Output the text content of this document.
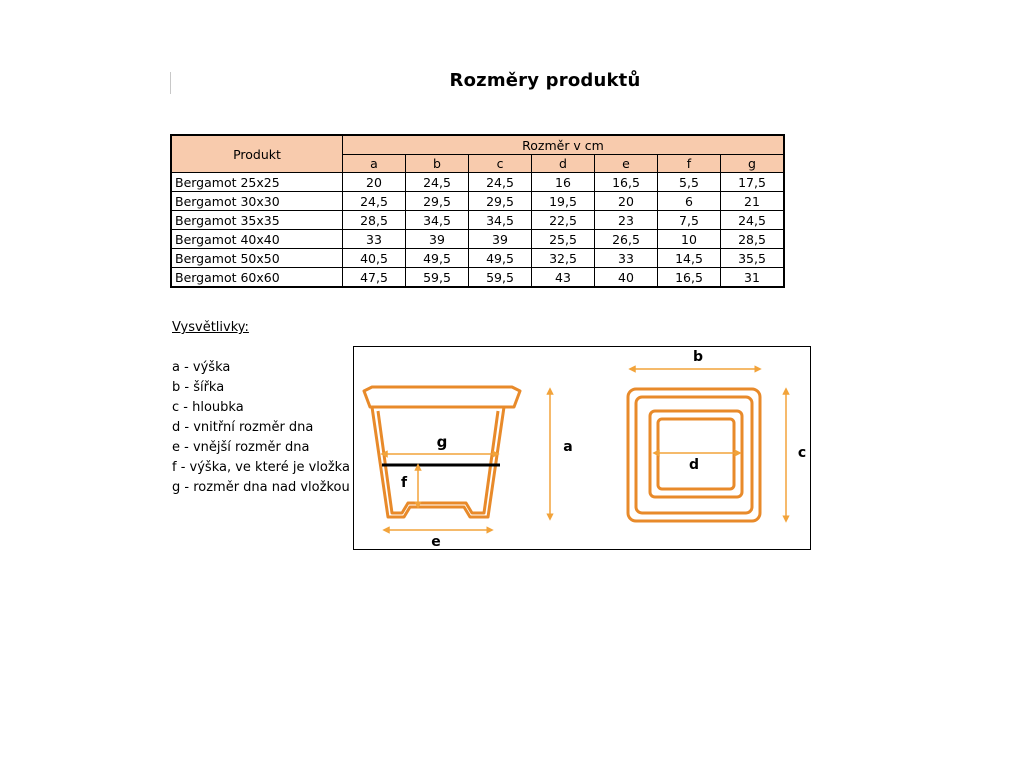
Rozměry produktů
Produkt	Rozměr v cm						
	a	b	c	d	e	f	g
Bergamot 25x25	20	24,5	24,5	16	16,5	5,5	17,5
Bergamot 30x30	24,5	29,5	29,5	19,5	20	6	21
Bergamot 35x35	28,5	34,5	34,5	22,5	23	7,5	24,5
Bergamot 40x40	33	39	39	25,5	26,5	10	28,5
Bergamot 50x50	40,5	49,5	49,5	32,5	33	14,5	35,5
Bergamot 60x60	47,5	59,5	59,5	43	40	16,5	31
Vysvětlivky:
a - výška
b - šířka
c - hloubka
d - vnitřní rozměr dna
e - vnější rozměr dna
f - výška, ve které je vložka
g - rozměr dna nad vložkou
g
f
e
a
b
d
c
